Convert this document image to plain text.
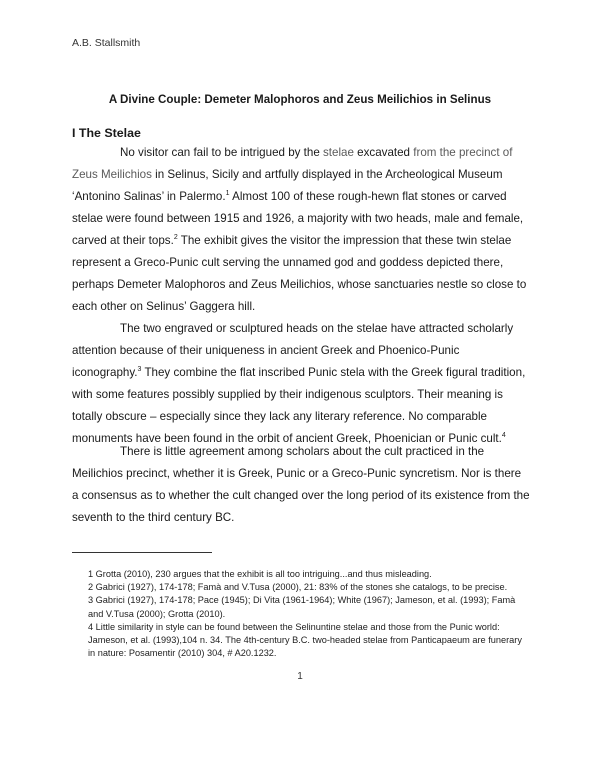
A.B. Stallsmith
A Divine Couple: Demeter Malophoros and Zeus Meilichios in Selinus
I The Stelae

No visitor can fail to be intrigued by the stelae excavated from the precinct of Zeus Meilichios in Selinus, Sicily and artfully displayed in the Archeological Museum ‘Antonino Salinas’ in Palermo.$^1$ Almost 100 of these rough-hewn flat stones or carved stelae were found between 1915 and 1926, a majority with two heads, male and female, carved at their tops.$^2$ The exhibit gives the visitor the impression that these twin stelae represent a Greco-Punic cult serving the unnamed god and goddess depicted there, perhaps Demeter Malophoros and Zeus Meilichios, whose sanctuaries nestle so close to each other on Selinus’ Gaggera hill.

The two engraved or sculptured heads on the stelae have attracted scholarly attention because of their uniqueness in ancient Greek and Phoenico-Punic iconography.$^3$ They combine the flat inscribed Punic stela with the Greek figural tradition, with some features possibly supplied by their indigenous sculptors. Their meaning is totally obscure – especially since they lack any literary reference. No comparable monuments have been found in the orbit of ancient Greek, Phoenician or Punic cult.$^4$

There is little agreement among scholars about the cult practiced in the Meilichios precinct, whether it is Greek, Punic or a Greco-Punic syncretism. Nor is there a consensus as to whether the cult changed over the long period of its existence from the seventh to the third century BC.

1 Grotta (2010), 230 argues that the exhibit is all too intriguing...and thus misleading.

2 Gabrici (1927), 174-178; Famà and V.Tusa (2000), 21: 83% of the stones she catalogs, to be precise.

3 Gabrici (1927), 174-178; Pace (1945); Di Vita (1961-1964); White (1967); Jameson, et al. (1993); Famà and V.Tusa (2000); Grotta (2010).

4 Little similarity in style can be found between the Selinuntine stelae and those from the Punic world: Jameson, et al. (1993),104 n. 34. The 4th-century B.C. two-headed stelae from Panticapaeum are funerary in nature: Posamentir (2010) 304, # A20.1232.

1
